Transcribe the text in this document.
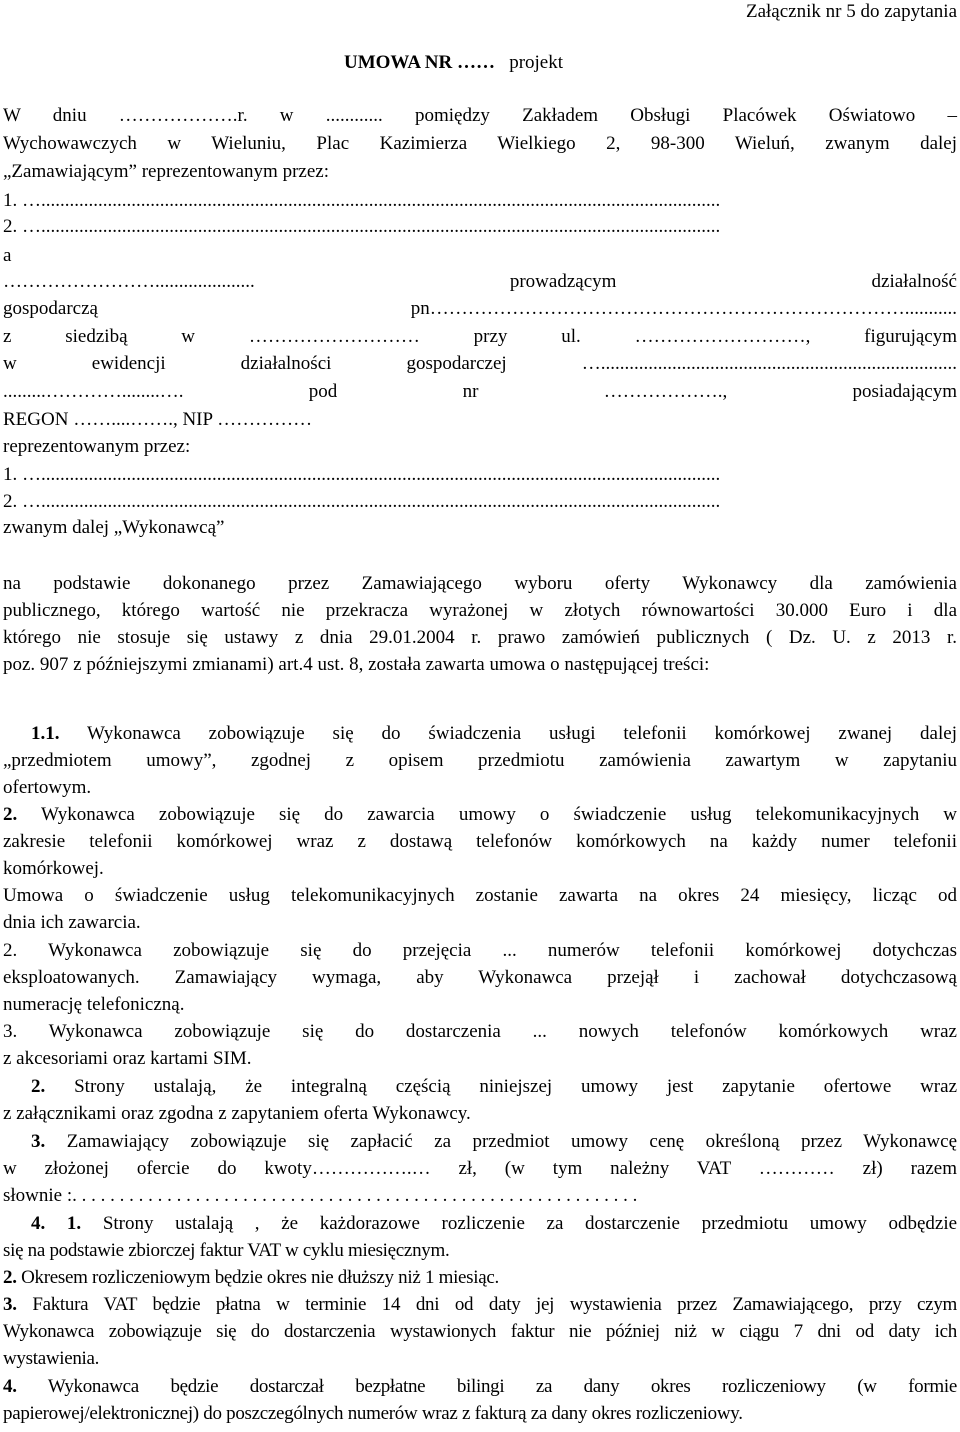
Załącznik nr 5 do zapytania
UMOWA NR …… projekt
W dniu ……………….r. w ............ pomiędzy Zakładem Obsługi Placówek Oświatowo –
Wychowawczych w Wieluniu, Plac Kazimierza Wielkiego 2, 98-300 Wieluń, zwanym dalej
„Zamawiającym” reprezentowanym przez:
1. …...............................................................................................................................................
2. …...............................................................................................................................................
a
……………………..................... prowadzącym działalność
gospodarczą pn…………………………………………………………………...........
z siedzibą w ……………………… przy ul. ………………………, figurującym
w ewidencji działalności gospodarczej …...........................................................................
.........…………........…. pod nr ………………., posiadającym
REGON ……....……., NIP ……………
reprezentowanym przez:
1. …...............................................................................................................................................
2. …...............................................................................................................................................
zwanym dalej „Wykonawcą”
na podstawie dokonanego przez Zamawiającego wyboru oferty Wykonawcy dla zamówienia
publicznego, którego wartość nie przekracza wyrażonej w złotych równowartości 30.000 Euro i dla
którego nie stosuje się ustawy z dnia 29.01.2004 r. prawo zamówień publicznych ( Dz. U. z 2013 r.
poz. 907 z późniejszymi zmianami) art.4 ust. 8, została zawarta umowa o następującej treści:
1.1. Wykonawca zobowiązuje się do świadczenia usługi telefonii komórkowej zwanej dalej
„przedmiotem umowy”, zgodnej z opisem przedmiotu zamówienia zawartym w zapytaniu
ofertowym.
2. Wykonawca zobowiązuje się do zawarcia umowy o świadczenie usług telekomunikacyjnych w
zakresie telefonii komórkowej wraz z dostawą telefonów komórkowych na każdy numer telefonii
komórkowej.
Umowa o świadczenie usług telekomunikacyjnych zostanie zawarta na okres 24 miesięcy, licząc od
dnia ich zawarcia.
2. Wykonawca zobowiązuje się do przejęcia ... numerów telefonii komórkowej dotychczas
eksploatowanych. Zamawiający wymaga, aby Wykonawca przejął i zachował dotychczasową
numerację telefoniczną.
3. Wykonawca zobowiązuje się do dostarczenia ... nowych telefonów komórkowych wraz
z akcesoriami oraz kartami SIM.
2. Strony ustalają, że integralną częścią niniejszej umowy jest zapytanie ofertowe wraz
z załącznikami oraz zgodna z zapytaniem oferta Wykonawcy.
3. Zamawiający zobowiązuje się zapłacić za przedmiot umowy cenę określoną przez Wykonawcę
w złożonej ofercie do kwoty…………….… zł, (w tym należny VAT ………… zł) razem
słownie :. . . . . . . . . . . . . . . . . . . . . . . . . . . . . . . . . . . . . . . . . . . . . . . . . . . . . . . . . . . .
4. 1. Strony ustalają , że każdorazowe rozliczenie za dostarczenie przedmiotu umowy odbędzie
się na podstawie zbiorczej faktur VAT w cyklu miesięcznym.
2. Okresem rozliczeniowym będzie okres nie dłuższy niż 1 miesiąc.
3. Faktura VAT będzie płatna w terminie 14 dni od daty jej wystawienia przez Zamawiającego, przy czym
Wykonawca zobowiązuje się do dostarczenia wystawionych faktur nie później niż w ciągu 7 dni od daty ich
wystawienia.
4. Wykonawca będzie dostarczał bezpłatne bilingi za dany okres rozliczeniowy (w formie
papierowej/elektronicznej) do poszczególnych numerów wraz z fakturą za dany okres rozliczeniowy.
